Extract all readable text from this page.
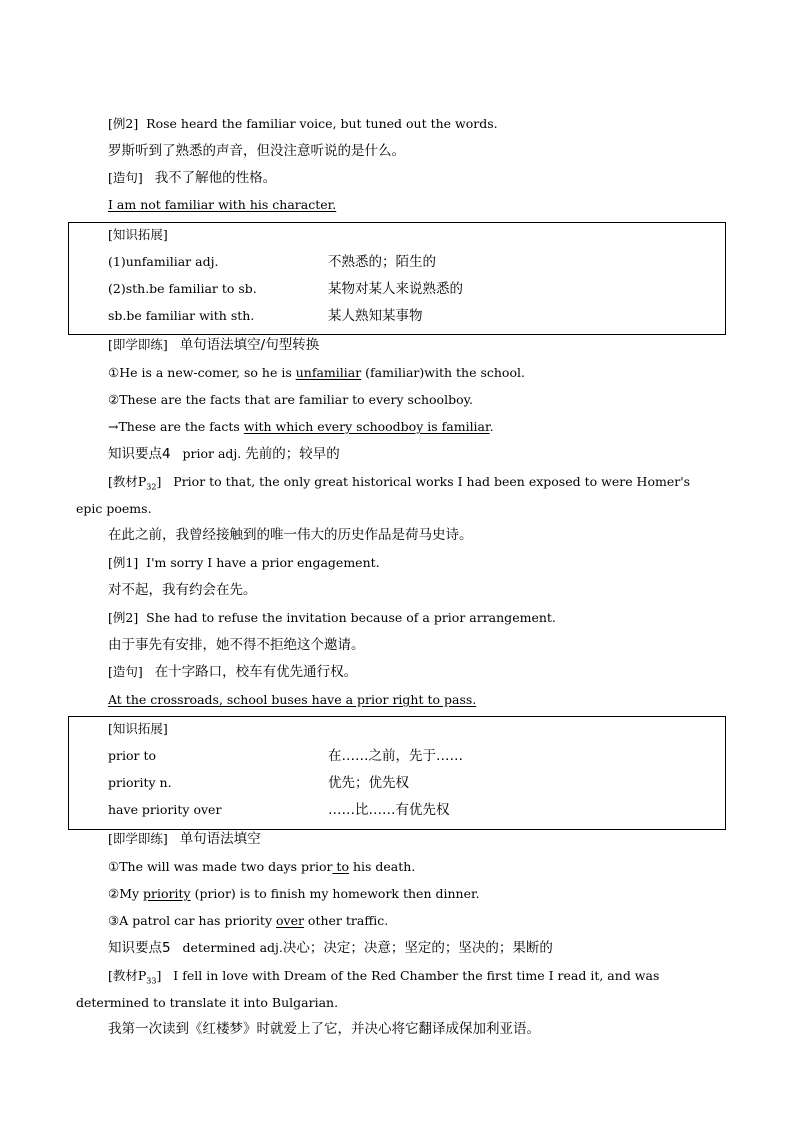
[例2] Rose heard the familiar voice, but tuned out the words.
罗斯听到了熟悉的声音，但没注意听说的是什么。
[造句] 我不了解他的性格。
I am not familiar with his character.
[知识拓展]
(1)unfamiliar adj.	不熟悉的；陌生的
(2)sth.be familiar to sb.	某物对某人来说熟悉的
sb.be familiar with sth.	某人熟知某事物
[即学即练] 单句语法填空/句型转换
①He is a new-comer, so he is unfamiliar (familiar)with the school.
②These are the facts that are familiar to every schoolboy.
→These are the facts with which every schoodboy is familiar.
知识要点4 prior adj. 先前的；较早的
[教材$P_{32}$] Prior to that, the only great historical works I had been exposed to were Homer's
epic poems.
在此之前，我曾经接触到的唯一伟大的历史作品是荷马史诗。
[例1] I'm sorry I have a prior engagement.
对不起，我有约会在先。
[例2] She had to refuse the invitation because of a prior arrangement.
由于事先有安排，她不得不拒绝这个邀请。
[造句] 在十字路口，校车有优先通行权。
At the crossroads, school buses have a prior right to pass.
[知识拓展]
prior to	在……之前，先于……
priority n.	优先；优先权
have priority over	……比……有优先权
[即学即练] 单句语法填空
①The will was made two days prior to his death.
②My priority (prior) is to finish my homework then dinner.
③A patrol car has priority over other traffic.
知识要点5 determined adj.决心；决定；决意；坚定的；坚决的；果断的
[教材$P_{33}$] I fell in love with Dream of the Red Chamber the first time I read it, and was
determined to translate it into Bulgarian.
我第一次读到《红楼梦》时就爱上了它，并决心将它翻译成保加利亚语。
